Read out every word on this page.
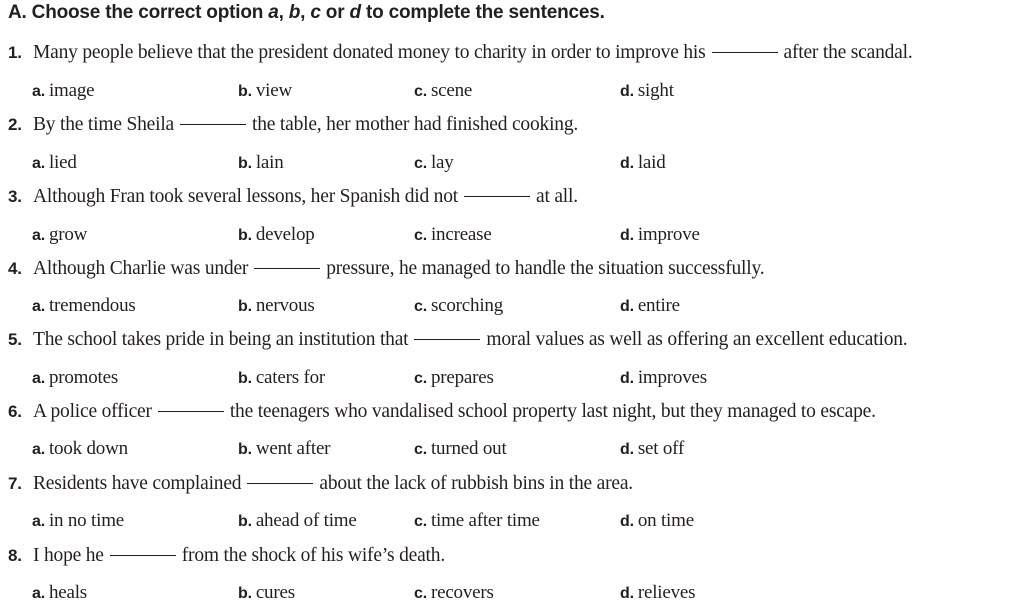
A. Choose the correct option a, b, c or d to complete the sentences.
1. Many people believe that the president donated money to charity in order to improve his	after the scandal.
a. image	b. view	c. scene	d. sight
2. By the time Sheila	the table, her mother had finished cooking.
a. lied	b. lain	c. lay	d. laid
3. Although Fran took several lessons, her Spanish did not	at all.
a. grow	b. develop	c. increase	d. improve
4. Although Charlie was under	pressure, he managed to handle the situation successfully.
a. tremendous	b. nervous	c. scorching	d. entire
5. The school takes pride in being an institution that	moral values as well as offering an excellent education.
a. promotes	b. caters for	c. prepares	d. improves
6. A police officer	the teenagers who vandalised school property last night, but they managed to escape.
a. took down	b. went after	c. turned out	d. set off
7. Residents have complained	about the lack of rubbish bins in the area.
a. in no time	b. ahead of time	c. time after time	d. on time
8. I hope he	from the shock of his wife’s death.
a. heals	b. cures	c. recovers	d. relieves
